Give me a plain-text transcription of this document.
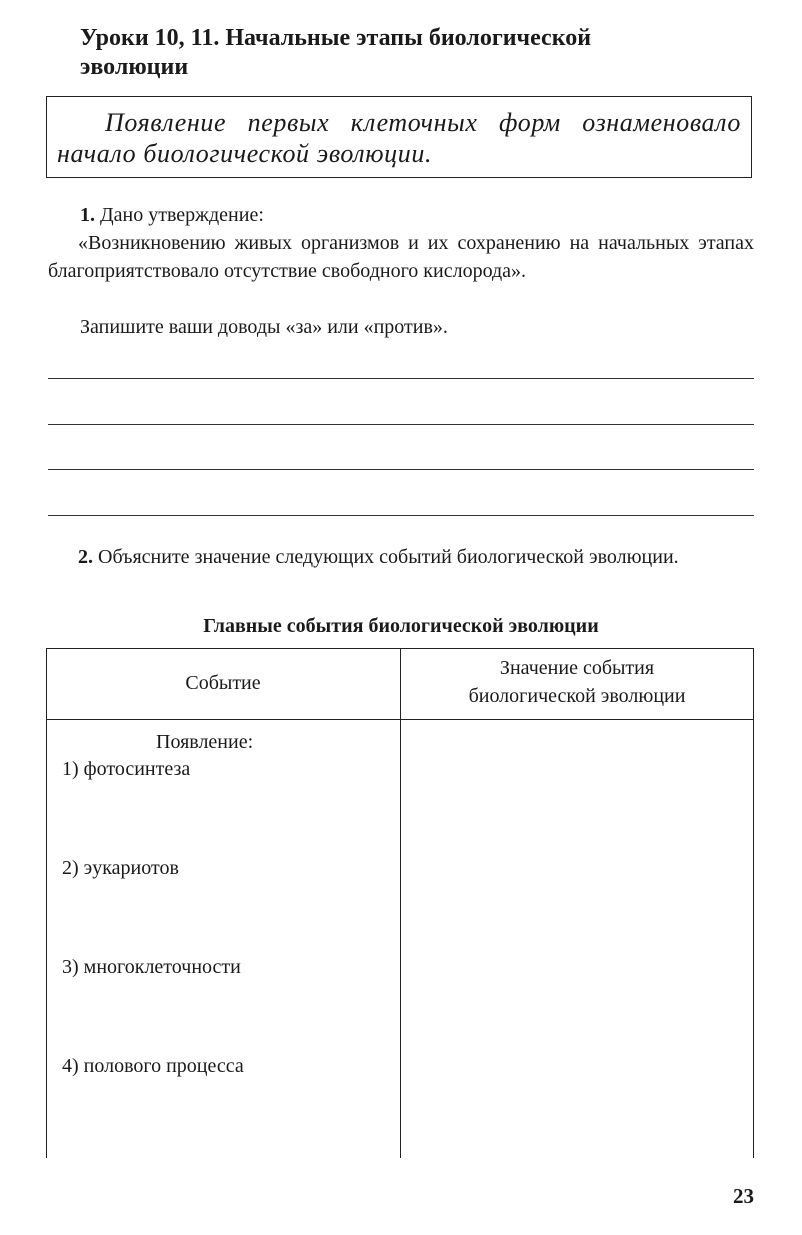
Уроки 10, 11. Начальные этапы биологической
эволюции
Появление первых клеточных форм ознаменовало начало биологической эволюции.
1. Дано утверждение:
«Возникновению живых организмов и их сохранению на начальных этапах благоприятствовало отсутствие свободного кислорода».
Запишите ваши доводы «за» или «против».
2. Объясните значение следующих событий биологической эволюции.
Главные события биологической эволюции
Событие
Значение события
биологической эволюции
Появление:
1) фотосинтеза
2) эукариотов
3) многоклеточности
4) полового процесса
23
